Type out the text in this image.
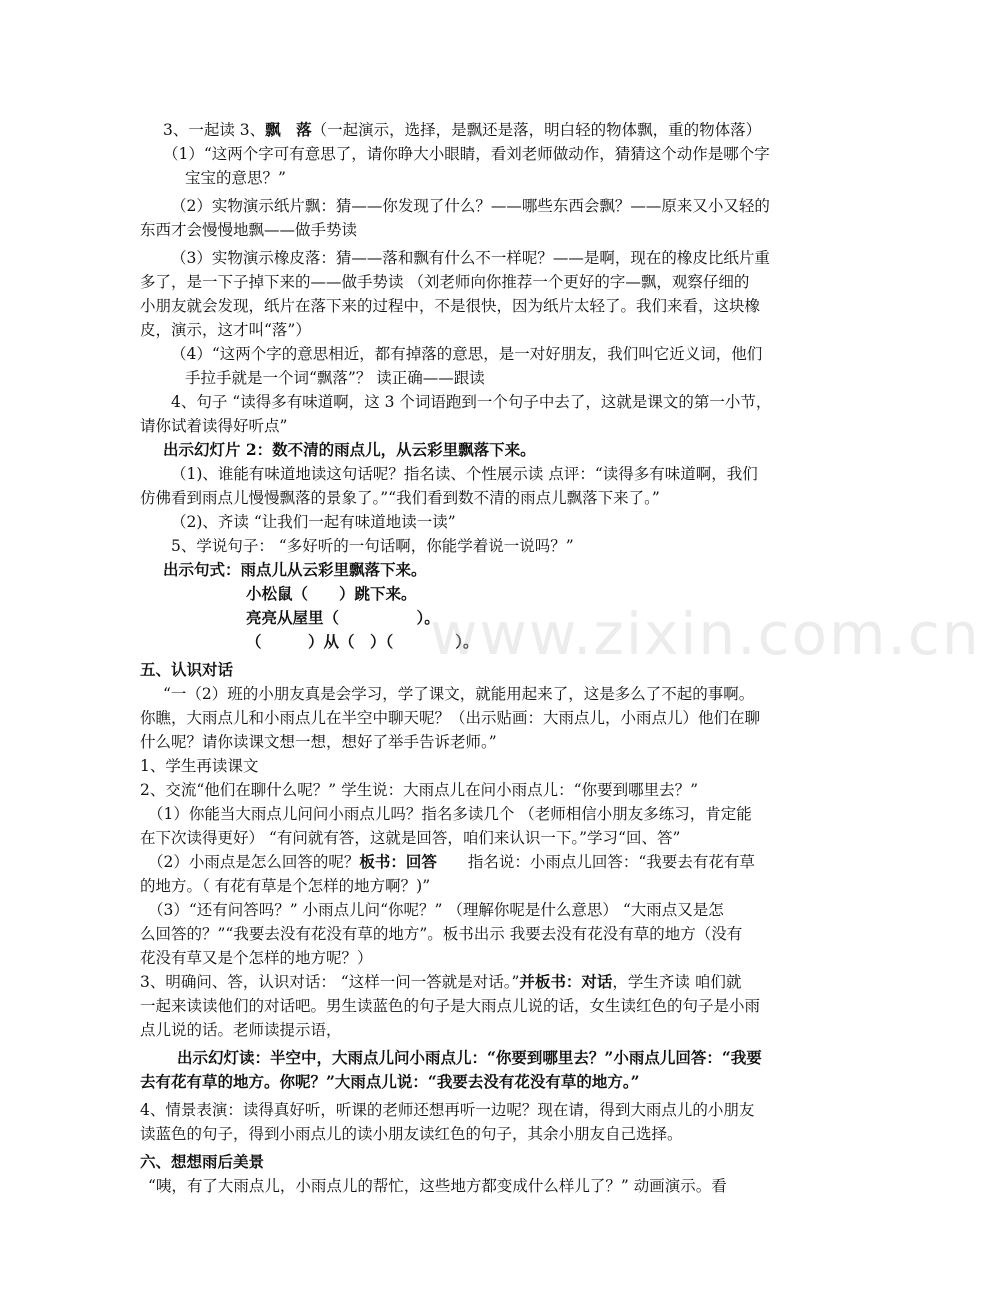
3、一起读 3、飘　落（一起演示，选择，是飘还是落，明白轻的物体飘，重的物体落）
（1）“这两个字可有意思了，请你睁大小眼睛，看刘老师做动作，猜猜这个动作是哪个字
宝宝的意思？”
（2）实物演示纸片飘：猜——你发现了什么？——哪些东西会飘？——原来又小又轻的
东西才会慢慢地飘——做手势读
（3）实物演示橡皮落：猜——落和飘有什么不一样呢？——是啊，现在的橡皮比纸片重
多了，是一下子掉下来的——做手势读 （刘老师向你推荐一个更好的字—飘，观察仔细的
小朋友就会发现，纸片在落下来的过程中，不是很快，因为纸片太轻了。我们来看，这块橡
皮，演示，这才叫“落”）
（4）“这两个字的意思相近，都有掉落的意思，是一对好朋友，我们叫它近义词，他们
手拉手就是一个词“飘落”？ 读正确——跟读
4、句子 “读得多有味道啊，这 3 个词语跑到一个句子中去了，这就是课文的第一小节，
请你试着读得好听点”
出示幻灯片 2：数不清的雨点儿，从云彩里飘落下来。
（1)、谁能有味道地读这句话呢？指名读、个性展示读 点评：“读得多有味道啊，我们
仿佛看到雨点儿慢慢飘落的景象了。”“我们看到数不清的雨点儿飘落下来了。”
（2)、齐读 “让我们一起有味道地读一读”
5、学说句子： “多好听的一句话啊，你能学着说一说吗？”
出示句式：雨点儿从云彩里飘落下来。
小松鼠（　　）跳下来。
亮亮从屋里（　　　　　）。
（　　　）从（　）（　　　　）。
五、认识对话
“一（2）班的小朋友真是会学习，学了课文，就能用起来了，这是多么了不起的事啊。
你瞧，大雨点儿和小雨点儿在半空中聊天呢？（出示贴画：大雨点儿，小雨点儿）他们在聊
什么呢？请你读课文想一想，想好了举手告诉老师。”
1、学生再读课文
2、交流“他们在聊什么呢？” 学生说：大雨点儿在问小雨点儿：“你要到哪里去？”
（1）你能当大雨点儿问问小雨点儿吗？指名多读几个 （老师相信小朋友多练习，肯定能
在下次读得更好） “有问就有答，这就是回答，咱们来认识一下。”学习“回、答”
（2）小雨点是怎么回答的呢？板书：回答　　指名说：小雨点儿回答：“我要去有花有草
的地方。（ 有花有草是个怎样的地方啊？)”
（3）“还有问答吗？” 小雨点儿问“你呢？” （理解你呢是什么意思） “大雨点又是怎
么回答的？”“我要去没有花没有草的地方”。板书出示 我要去没有花没有草的地方（没有
花没有草又是个怎样的地方呢？）
3、明确问、答，认识对话： “这样一问一答就是对话。”并板书：对话，学生齐读 咱们就
一起来读读他们的对话吧。男生读蓝色的句子是大雨点儿说的话，女生读红色的句子是小雨
点儿说的话。老师读提示语，
出示幻灯读：半空中，大雨点儿问小雨点儿：“你要到哪里去？”小雨点儿回答：“我要
去有花有草的地方。你呢？”大雨点儿说：“我要去没有花没有草的地方。”
4、情景表演：读得真好听，听课的老师还想再听一边呢？现在请，得到大雨点儿的小朋友
读蓝色的句子，得到小雨点儿的读小朋友读红色的句子，其余小朋友自己选择。
六、想想雨后美景
“咦，有了大雨点儿，小雨点儿的帮忙，这些地方都变成什么样儿了？” 动画演示。看
www.zixin.com.cn
